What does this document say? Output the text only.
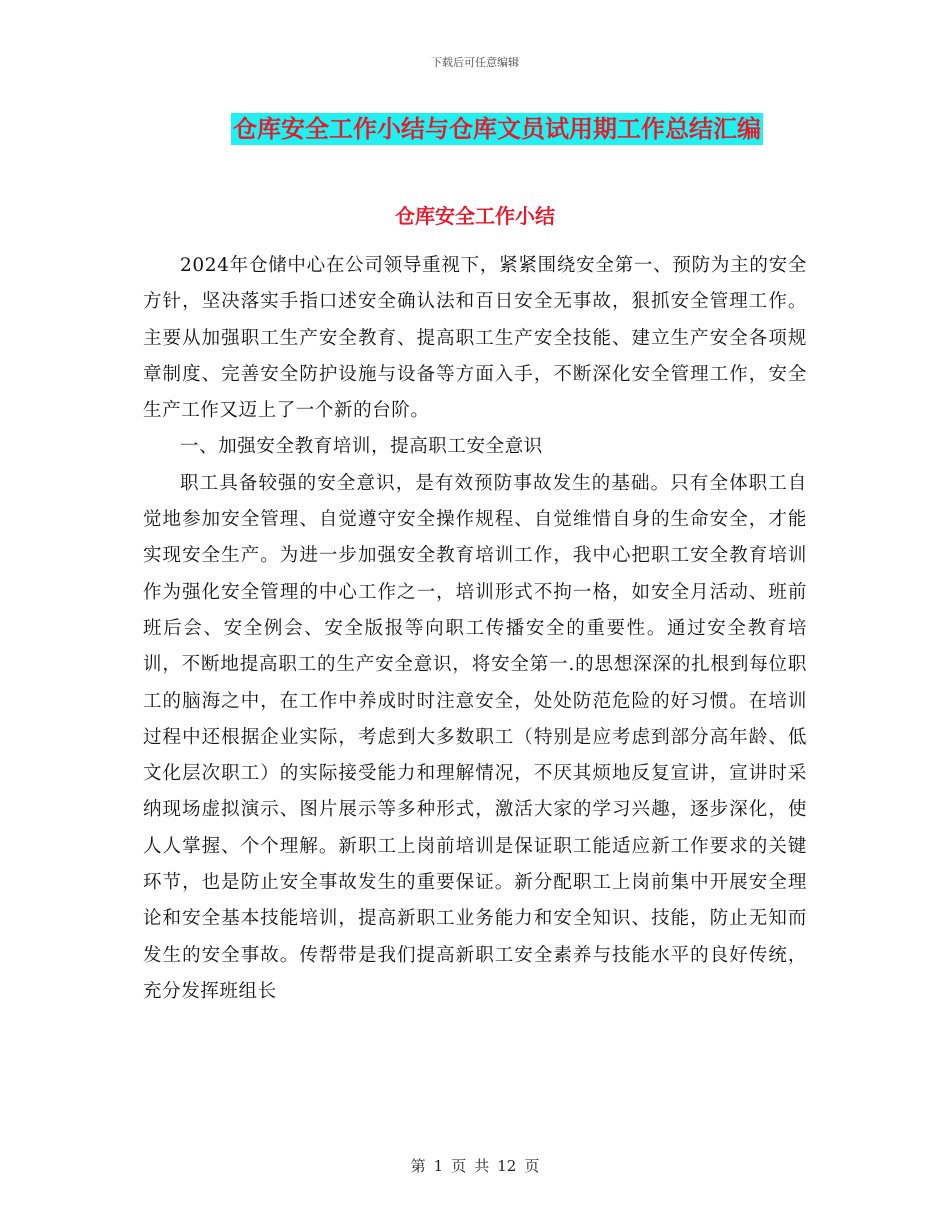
下载后可任意编辑
仓库安全工作小结与仓库文员试用期工作总结汇编
仓库安全工作小结

2024年仓储中心在公司领导重视下，紧紧围绕安全第一、预防为主的安全方针，坚决落实手指口述安全确认法和百日安全无事故，狠抓安全管理工作。主要从加强职工生产安全教育、提高职工生产安全技能、建立生产安全各项规章制度、完善安全防护设施与设备等方面入手，不断深化安全管理工作，安全生产工作又迈上了一个新的台阶。

一、加强安全教育培训，提高职工安全意识

职工具备较强的安全意识，是有效预防事故发生的基础。只有全体职工自觉地参加安全管理、自觉遵守安全操作规程、自觉维惜自身的生命安全，才能实现安全生产。为进一步加强安全教育培训工作，我中心把职工安全教育培训作为强化安全管理的中心工作之一，培训形式不拘一格，如安全月活动、班前班后会、安全例会、安全版报等向职工传播安全的重要性。通过安全教育培训，不断地提高职工的生产安全意识，将安全第一.的思想深深的扎根到每位职工的脑海之中，在工作中养成时时注意安全，处处防范危险的好习惯。在培训过程中还根据企业实际，考虑到大多数职工（特别是应考虑到部分高年龄、低文化层次职工）的实际接受能力和理解情况，不厌其烦地反复宣讲，宣讲时采纳现场虚拟演示、图片展示等多种形式，激活大家的学习兴趣，逐步深化，使人人掌握、个个理解。新职工上岗前培训是保证职工能适应新工作要求的关键环节，也是防止安全事故发生的重要保证。新分配职工上岗前集中开展安全理论和安全基本技能培训，提高新职工业务能力和安全知识、技能，防止无知而发生的安全事故。传帮带是我们提高新职工安全素养与技能水平的良好传统，充分发挥班组长

第 1 页 共 12 页
